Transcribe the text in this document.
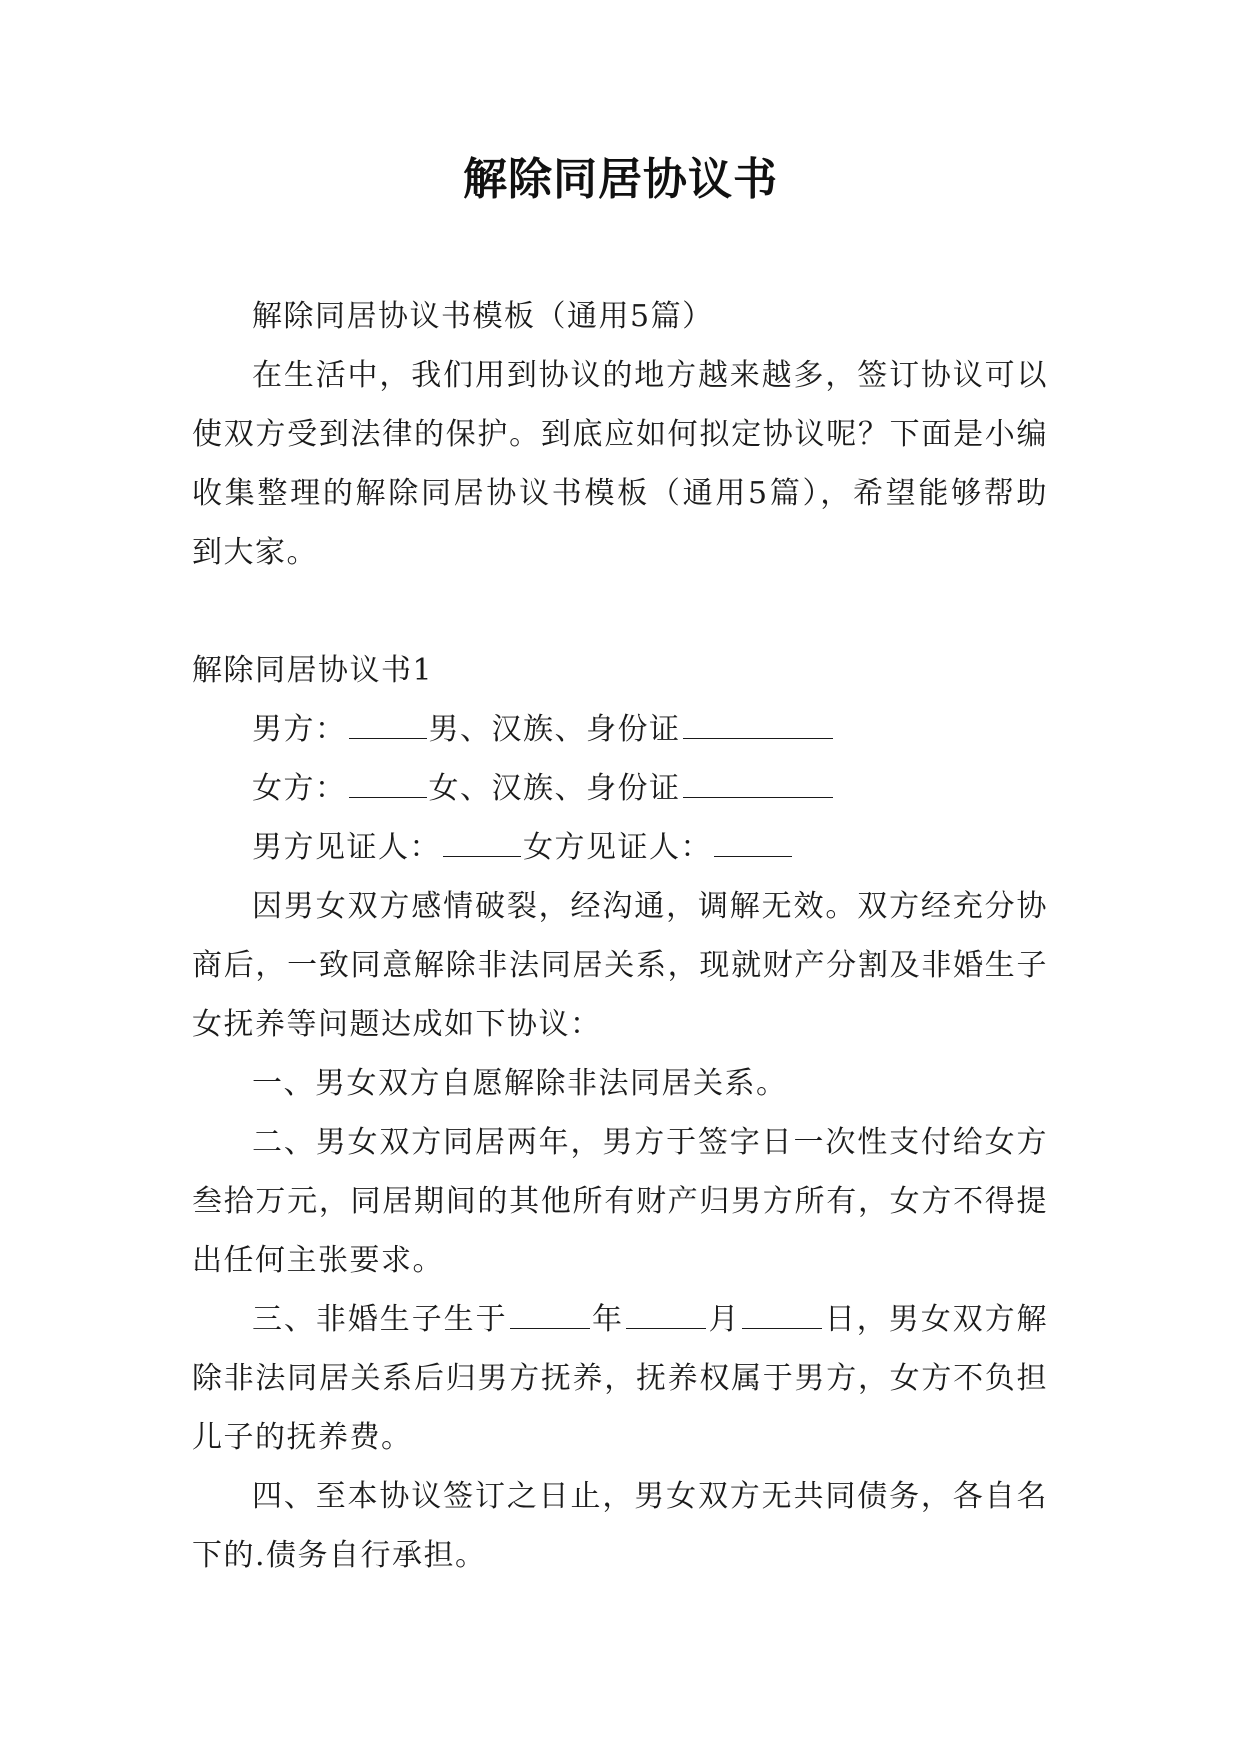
解除同居协议书

解除同居协议书模板（通用5篇）

在生活中，我们用到协议的地方越来越多，签订协议可以使双方受到法律的保护。到底应如何拟定协议呢？下面是小编收集整理的解除同居协议书模板（通用5篇），希望能够帮助到大家。

解除同居协议书1

男方：	男、汉族、身份证

女方：	女、汉族、身份证

男方见证人：	女方见证人：

因男女双方感情破裂，经沟通，调解无效。双方经充分协商后，一致同意解除非法同居关系，现就财产分割及非婚生子女抚养等问题达成如下协议：

一、男女双方自愿解除非法同居关系。

二、男女双方同居两年，男方于签字日一次性支付给女方叁拾万元，同居期间的其他所有财产归男方所有，女方不得提出任何主张要求。

三、非婚生子生于	年	月	日，男女双方解除非法同居关系后归男方抚养，抚养权属于男方，女方不负担儿子的抚养费。

四、至本协议签订之日止，男女双方无共同债务，各自名下的.债务自行承担。
